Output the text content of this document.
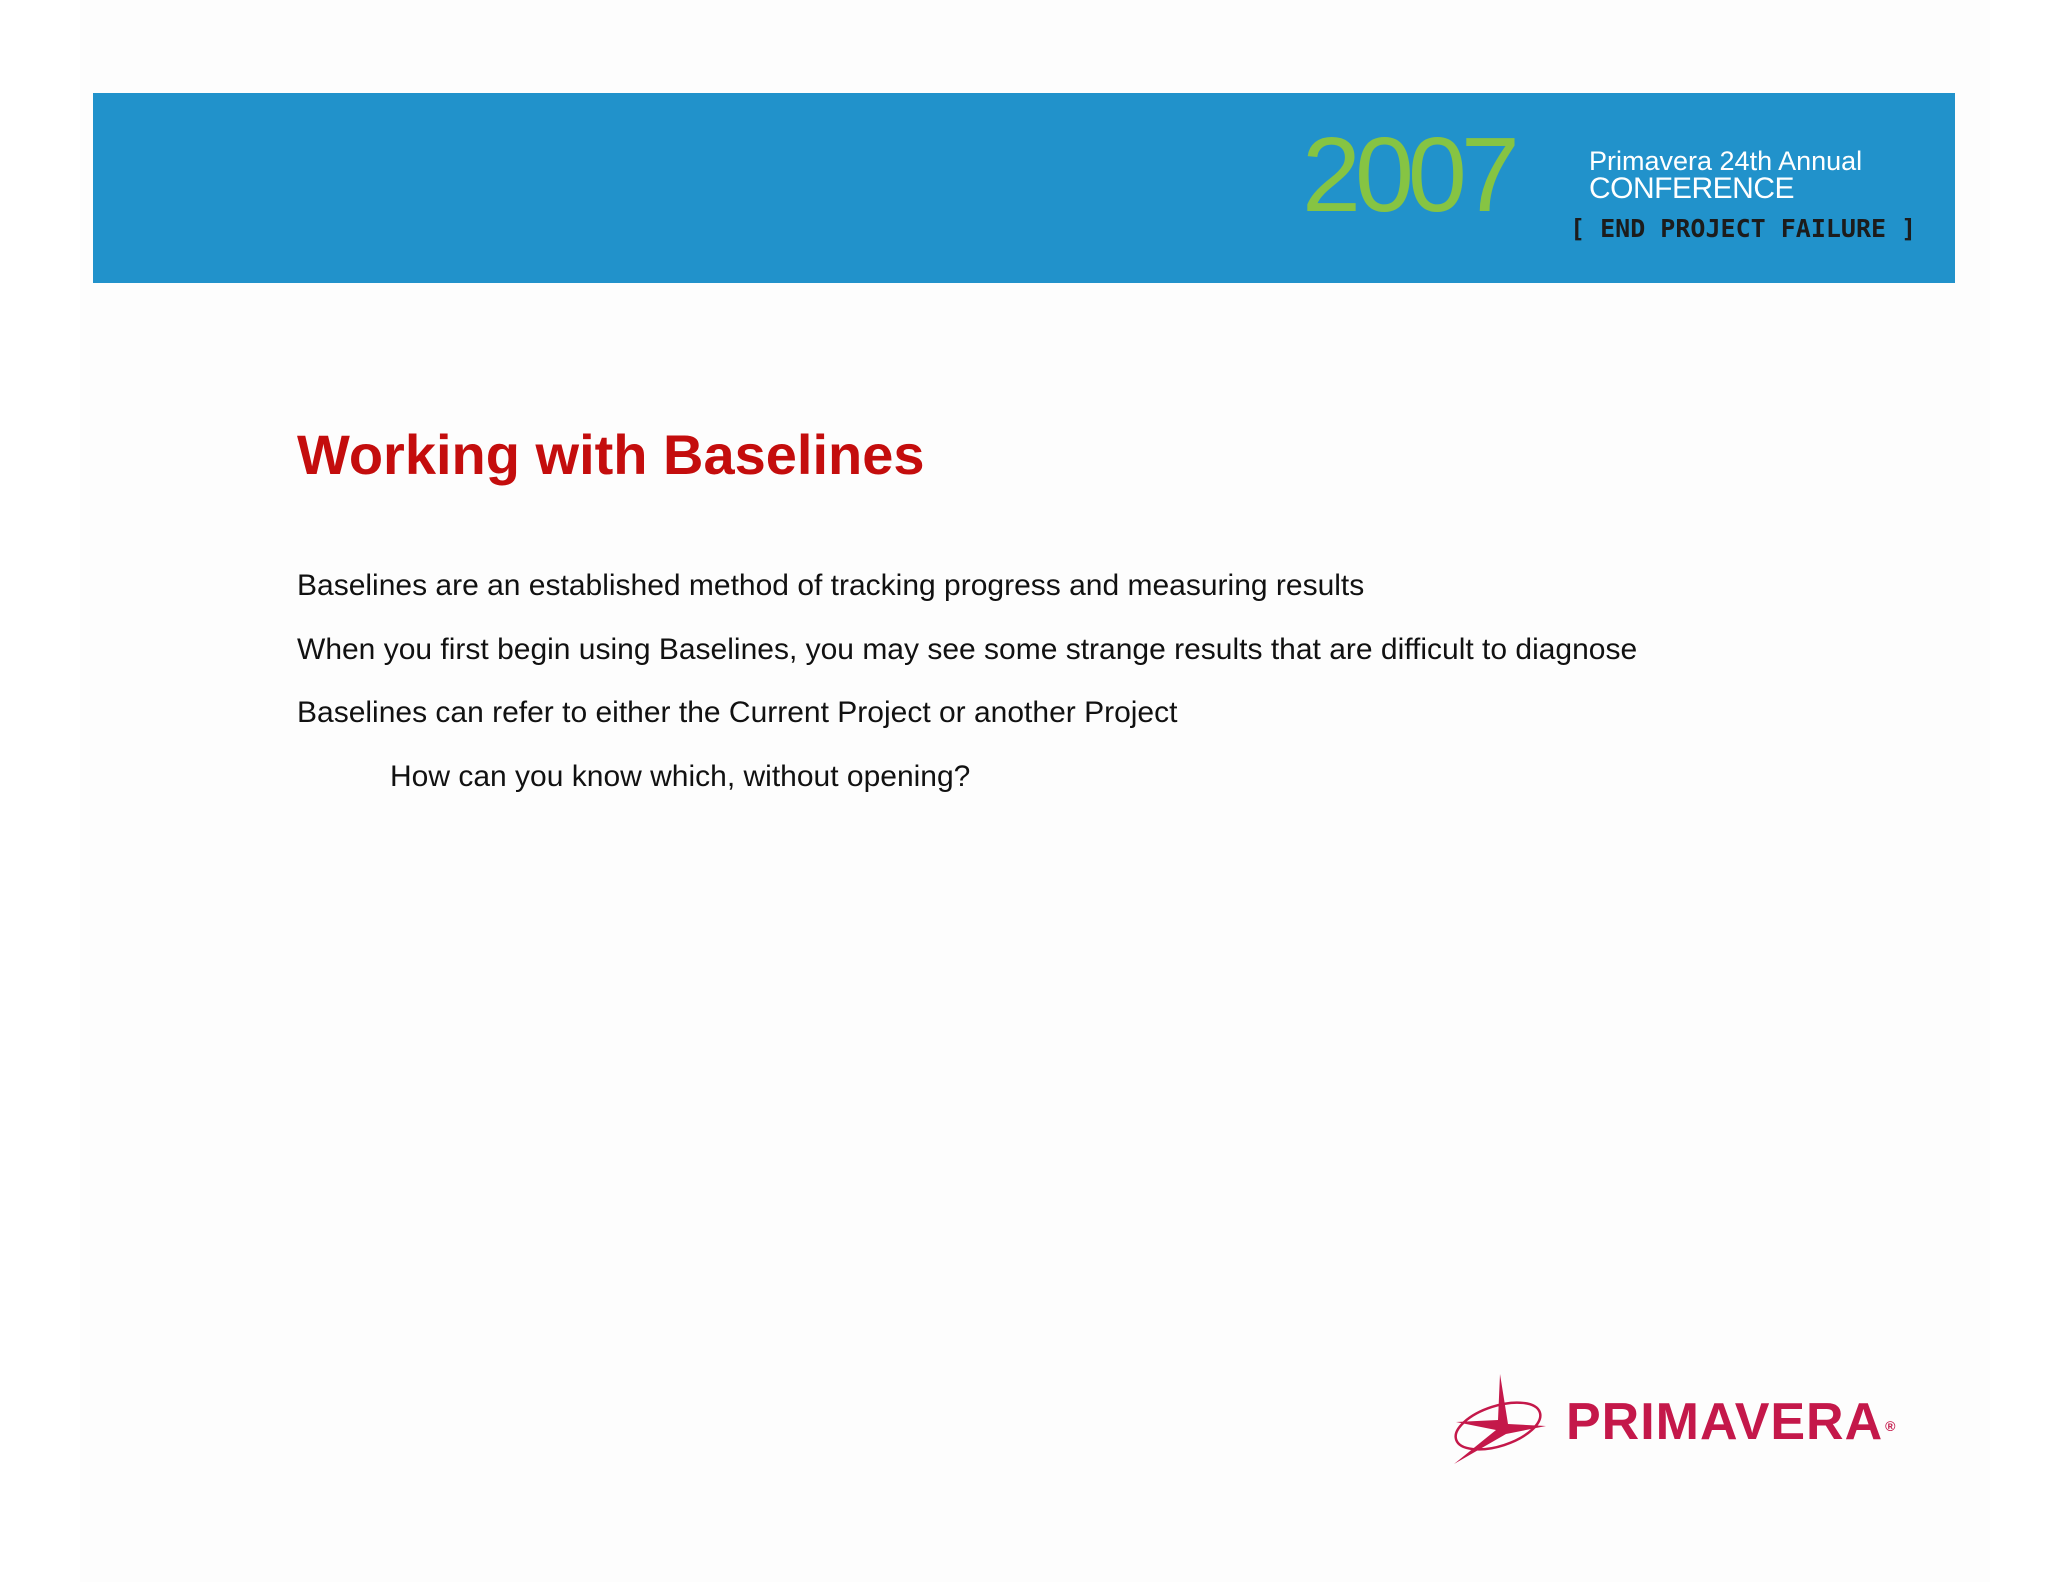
2007	Primavera 24th Annual
CONFERENCE
[ END PROJECT FAILURE ]
Working with Baselines
Baselines are an established method of tracking progress and measuring results
When you first begin using Baselines, you may see some strange results that are difficult to diagnose
Baselines can refer to either the Current Project or another Project
How can you know which, without opening?
PRIMAVERA ®
